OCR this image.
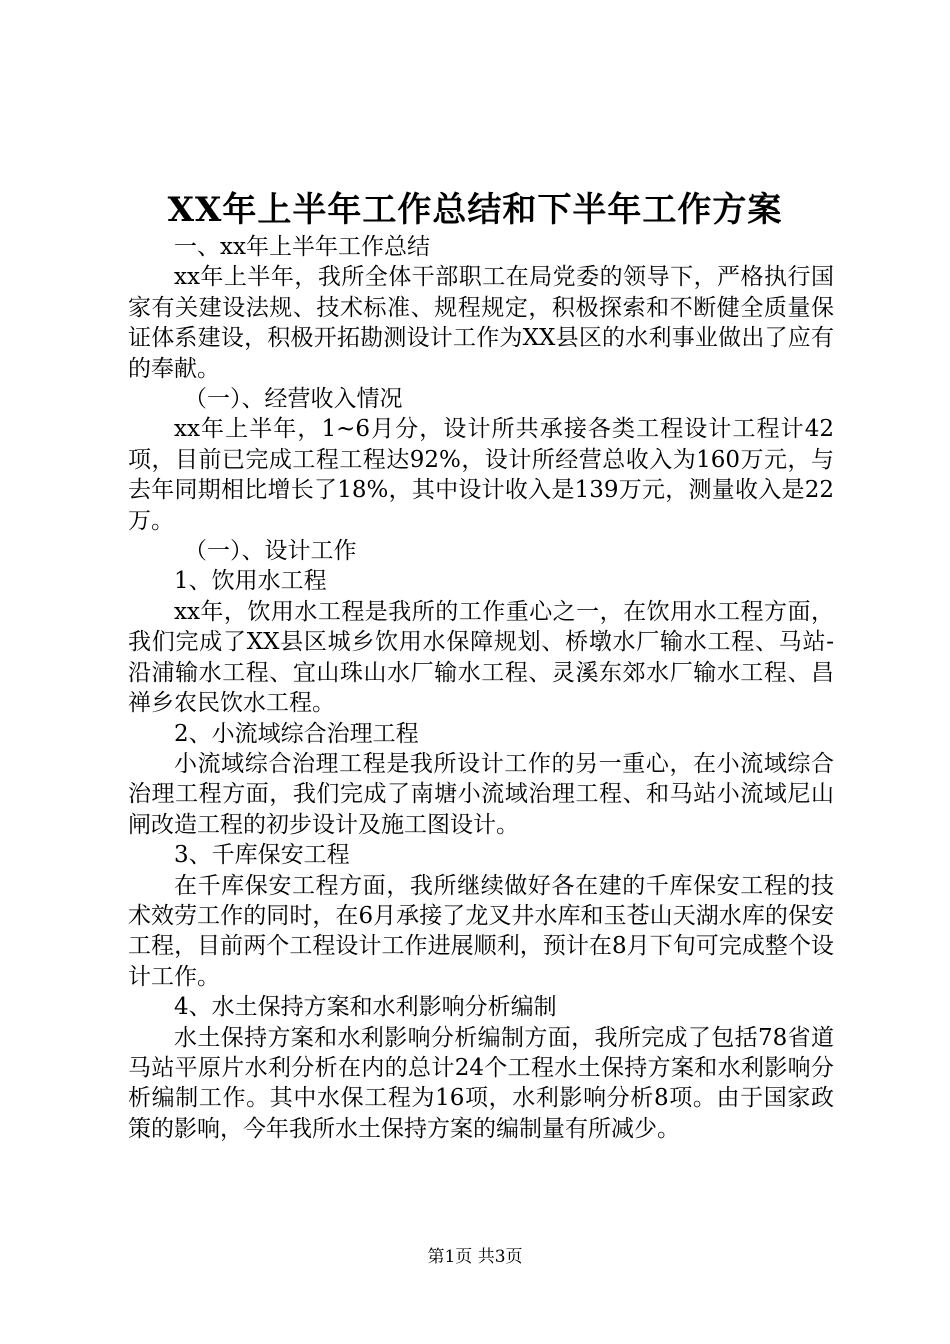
XX年上半年工作总结和下半年工作方案

一、xx年上半年工作总结

xx年上半年，我所全体干部职工在局党委的领导下，严格执行国家有关建设法规、技术标准、规程规定，积极探索和不断健全质量保证体系建设，积极开拓勘测设计工作为XX县区的水利事业做出了应有的奉献。

（一）、经营收入情况

xx年上半年，1~6月分，设计所共承接各类工程设计工程计42项，目前已完成工程工程达92%，设计所经营总收入为160万元，与去年同期相比增长了18%，其中设计收入是139万元，测量收入是22万。

（一）、设计工作

1、饮用水工程

xx年，饮用水工程是我所的工作重心之一，在饮用水工程方面，我们完成了XX县区城乡饮用水保障规划、桥墩水厂输水工程、马站-沿浦输水工程、宜山珠山水厂输水工程、灵溪东郊水厂输水工程、昌禅乡农民饮水工程。

2、小流域综合治理工程

小流域综合治理工程是我所设计工作的另一重心，在小流域综合治理工程方面，我们完成了南塘小流域治理工程、和马站小流域尼山闸改造工程的初步设计及施工图设计。

3、千库保安工程

在千库保安工程方面，我所继续做好各在建的千库保安工程的技术效劳工作的同时，在6月承接了龙叉井水库和玉苍山天湖水库的保安工程，目前两个工程设计工作进展顺利，预计在8月下旬可完成整个设计工作。

4、水土保持方案和水利影响分析编制

水土保持方案和水利影响分析编制方面，我所完成了包括78省道马站平原片水利分析在内的总计24个工程水土保持方案和水利影响分析编制工作。其中水保工程为16项，水利影响分析8项。由于国家政策的影响，今年我所水土保持方案的编制量有所减少。

第1页 共3页
